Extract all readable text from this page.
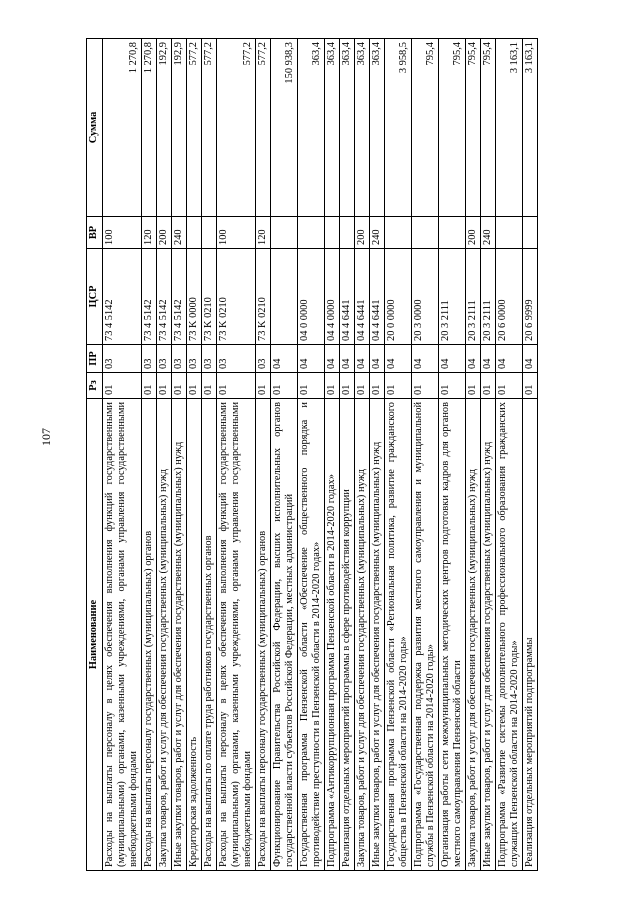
107
Наименование	Рз	ПР	ЦСР	ВР	Сумма
Расходы на выплаты персоналу в целях обеспечения выполнения функций государственными (муниципальными) органами, казенными учреждениями, органами управления государственными внебюджетными фондами	01	03	73 4 5142	100	1 270,8
Расходы на выплаты персоналу государственных (муниципальных) органов	01	03	73 4 5142	120	1 270,8
Закупка товаров, работ и услуг для обеспечения государственных (муниципальных) нужд	01	03	73 4 5142	200	192,9
Иные закупки товаров, работ и услуг для обеспечения государственных (муниципальных) нужд	01	03	73 4 5142	240	192,9
Кредиторская задолженность	01	03	73 K 0000		577,2
Расходы на выплаты по оплате труда работников государственных органов	01	03	73 K 0210		577,2
Расходы на выплаты персоналу в целях обеспечения выполнения функций государственными (муниципальными) органами, казенными учреждениями, органами управления государственными внебюджетными фондами	01	03	73 K 0210	100	577,2
Расходы на выплаты персоналу государственных (муниципальных) органов	01	03	73 K 0210	120	577,2
Функционирование Правительства Российской Федерации, высших исполнительных органов государственной власти субъектов Российской Федерации, местных администраций	01	04			150 938,3
Государственная программа Пензенской области «Обеспечение общественного порядка и противодействие преступности в Пензенской области в 2014-2020 годах»	01	04	04 0 0000		363,4
Подпрограмма «Антикоррупционная программа Пензенской области в 2014-2020 годах»	01	04	04 4 0000		363,4
Реализация отдельных мероприятий программы в сфере противодействия коррупции	01	04	04 4 6441		363,4
Закупка товаров, работ и услуг для обеспечения государственных (муниципальных) нужд	01	04	04 4 6441	200	363,4
Иные закупки товаров, работ и услуг для обеспечения государственных (муниципальных) нужд	01	04	04 4 6441	240	363,4
Государственная программа Пензенской области «Региональная политика, развитие гражданского общества в Пензенской области на 2014-2020 годы»	01	04	20 0 0000		3 958,5
Подпрограмма «Государственная поддержка развития местного самоуправления и муниципальной службы в Пензенской области на 2014-2020 годы»	01	04	20 3 0000		795,4
Организация работы сети межмуниципальных методических центров подготовки кадров для органов местного самоуправления Пензенской области	01	04	20 3 2111		795,4
Закупка товаров, работ и услуг для обеспечения государственных (муниципальных) нужд	01	04	20 3 2111	200	795,4
Иные закупки товаров, работ и услуг для обеспечения государственных (муниципальных) нужд	01	04	20 3 2111	240	795,4
Подпрограмма «Развитие системы дополнительного профессионального образования гражданских служащих Пензенской области на 2014-2020 годы»	01	04	20 6 0000		3 163,1
Реализация отдельных мероприятий подпрограммы	01	04	20 6 9999		3 163,1
